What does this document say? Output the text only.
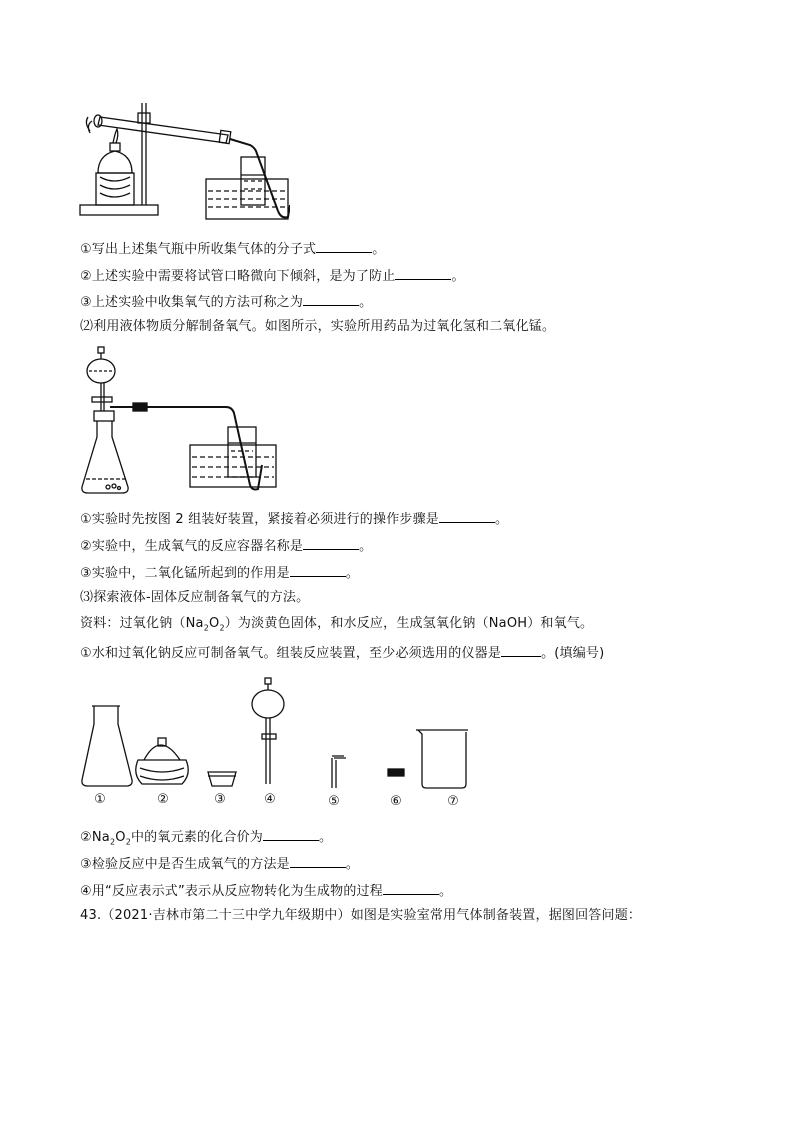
①写出上述集气瓶中所收集气体的分子式	。
②上述实验中需要将试管口略微向下倾斜，是为了防止	。
③上述实验中收集氧气的方法可称之为	。
⑵利用液体物质分解制备氧气。如图所示，实验所用药品为过氧化氢和二氧化锰。
①实验时先按图 2 组装好装置，紧接着必须进行的操作步骤是	。
②实验中，生成氧气的反应容器名称是	。
③实验中，二氧化锰所起到的作用是	。
⑶探索液体-固体反应制备氧气的方法。
资料：过氧化钠$(Na_2O_2)$为淡黄色固体，和水反应，生成氢氧化钠（NaOH）和氧气。
①水和过氧化钠反应可制备氧气。组装反应装置，至少必须选用的仪器是	。(填编号)
①	②	③	④	⑤	⑥	⑦
$②Na_2O_2$中的氧元素的化合价为	。
③检验反应中是否生成氧气的方法是	。
④用“反应表示式”表示从反应物转化为生成物的过程	。
43.（2021·吉林市第二十三中学九年级期中）如图是实验室常用气体制备装置，据图回答问题：
